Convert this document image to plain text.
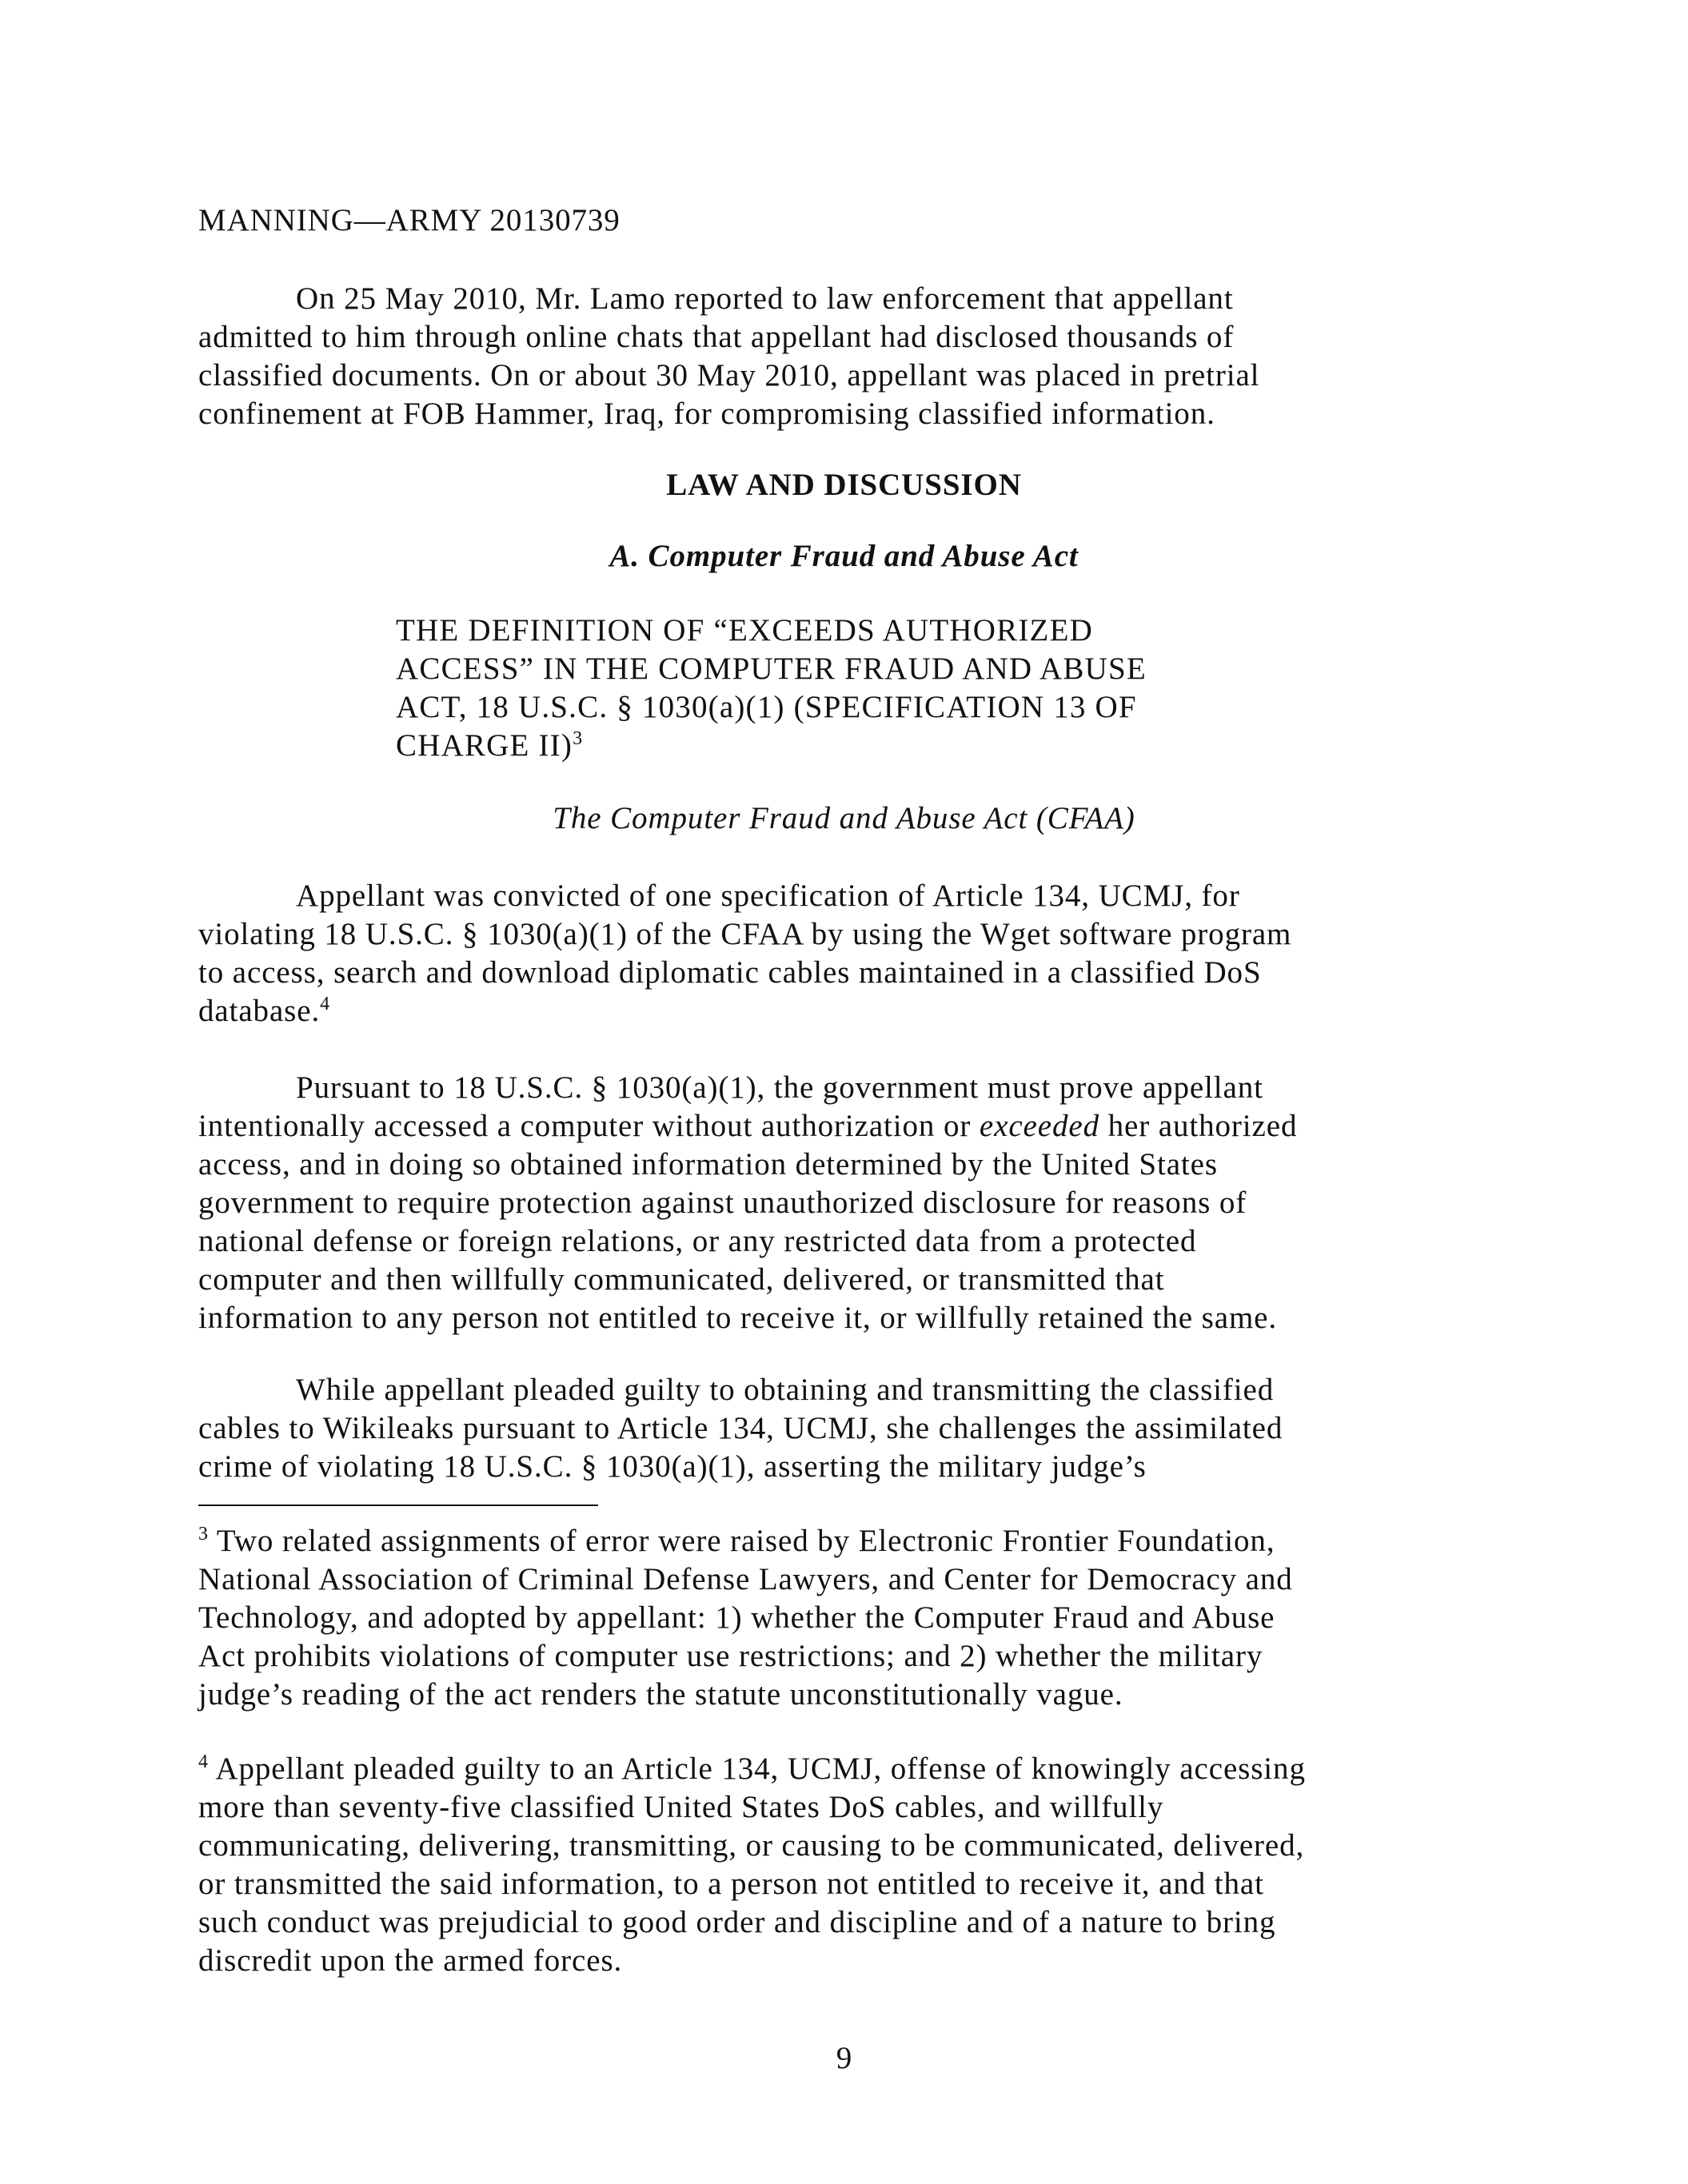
MANNING—ARMY 20130739
On 25 May 2010, Mr. Lamo reported to law enforcement that appellant
admitted to him through online chats that appellant had disclosed thousands of
classified documents. On or about 30 May 2010, appellant was placed in pretrial
confinement at FOB Hammer, Iraq, for compromising classified information.
LAW AND DISCUSSION
A. Computer Fraud and Abuse Act
THE DEFINITION OF “EXCEEDS AUTHORIZED
ACCESS” IN THE COMPUTER FRAUD AND ABUSE
ACT, 18 U.S.C. § 1030(a)(1) (SPECIFICATION 13 OF
CHARGE II)$^3$
The Computer Fraud and Abuse Act (CFAA)
Appellant was convicted of one specification of Article 134, UCMJ, for
violating 18 U.S.C. § 1030(a)(1) of the CFAA by using the Wget software program
to access, search and download diplomatic cables maintained in a classified DoS
database.$^4$
Pursuant to 18 U.S.C. § 1030(a)(1), the government must prove appellant
intentionally accessed a computer without authorization or exceeded her authorized
access, and in doing so obtained information determined by the United States
government to require protection against unauthorized disclosure for reasons of
national defense or foreign relations, or any restricted data from a protected
computer and then willfully communicated, delivered, or transmitted that
information to any person not entitled to receive it, or willfully retained the same.
While appellant pleaded guilty to obtaining and transmitting the classified
cables to Wikileaks pursuant to Article 134, UCMJ, she challenges the assimilated
crime of violating 18 U.S.C. § 1030(a)(1), asserting the military judge’s
$^3$ Two related assignments of error were raised by Electronic Frontier Foundation,
National Association of Criminal Defense Lawyers, and Center for Democracy and
Technology, and adopted by appellant: 1) whether the Computer Fraud and Abuse
Act prohibits violations of computer use restrictions; and 2) whether the military
judge’s reading of the act renders the statute unconstitutionally vague.
$^4$ Appellant pleaded guilty to an Article 134, UCMJ, offense of knowingly accessing
more than seventy-five classified United States DoS cables, and willfully
communicating, delivering, transmitting, or causing to be communicated, delivered,
or transmitted the said information, to a person not entitled to receive it, and that
such conduct was prejudicial to good order and discipline and of a nature to bring
discredit upon the armed forces.
9
